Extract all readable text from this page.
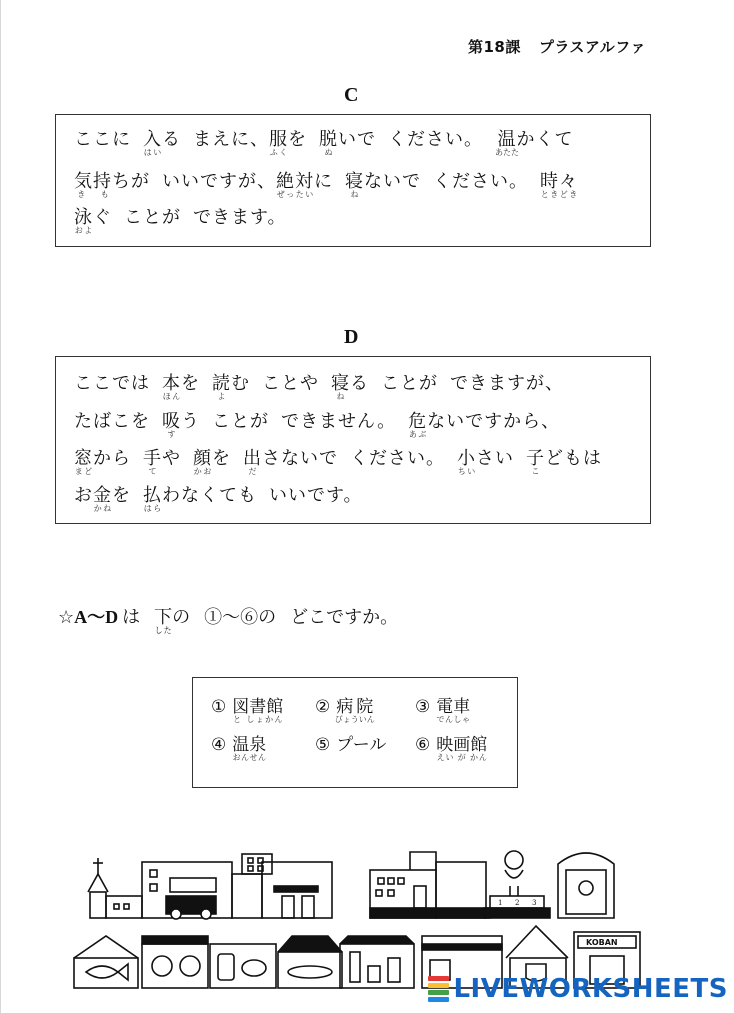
第18課 プラスアルファ
C
ここに 入はいる まえに、服ふくを 脱ぬいで ください。 温あたたかくて
気持き もちが いいですが、絶対ぜったいに 寝ねないで ください。 時々ときどき
泳およぐ ことが できます。
D
ここでは 本ほんを 読よむ ことや 寝ねる ことが できますが、
たばこを 吸すう ことが できません。 危あぶないですから、
窓まどから 手てや 顔かおを 出ださないで ください。 小ちいさい 子こどもは
お金かねを 払はらわなくても いいです。
☆A～D は 下したの ①～⑥の どこですか。
① 図書館と しょかん
② 病院びょういん
③ 電車でんしゃ
④ 温泉おんせん
⑤ プール ⑥ 映画館えい が かん
1 2 3
KOBAN
LIVEWORKSHEETS
